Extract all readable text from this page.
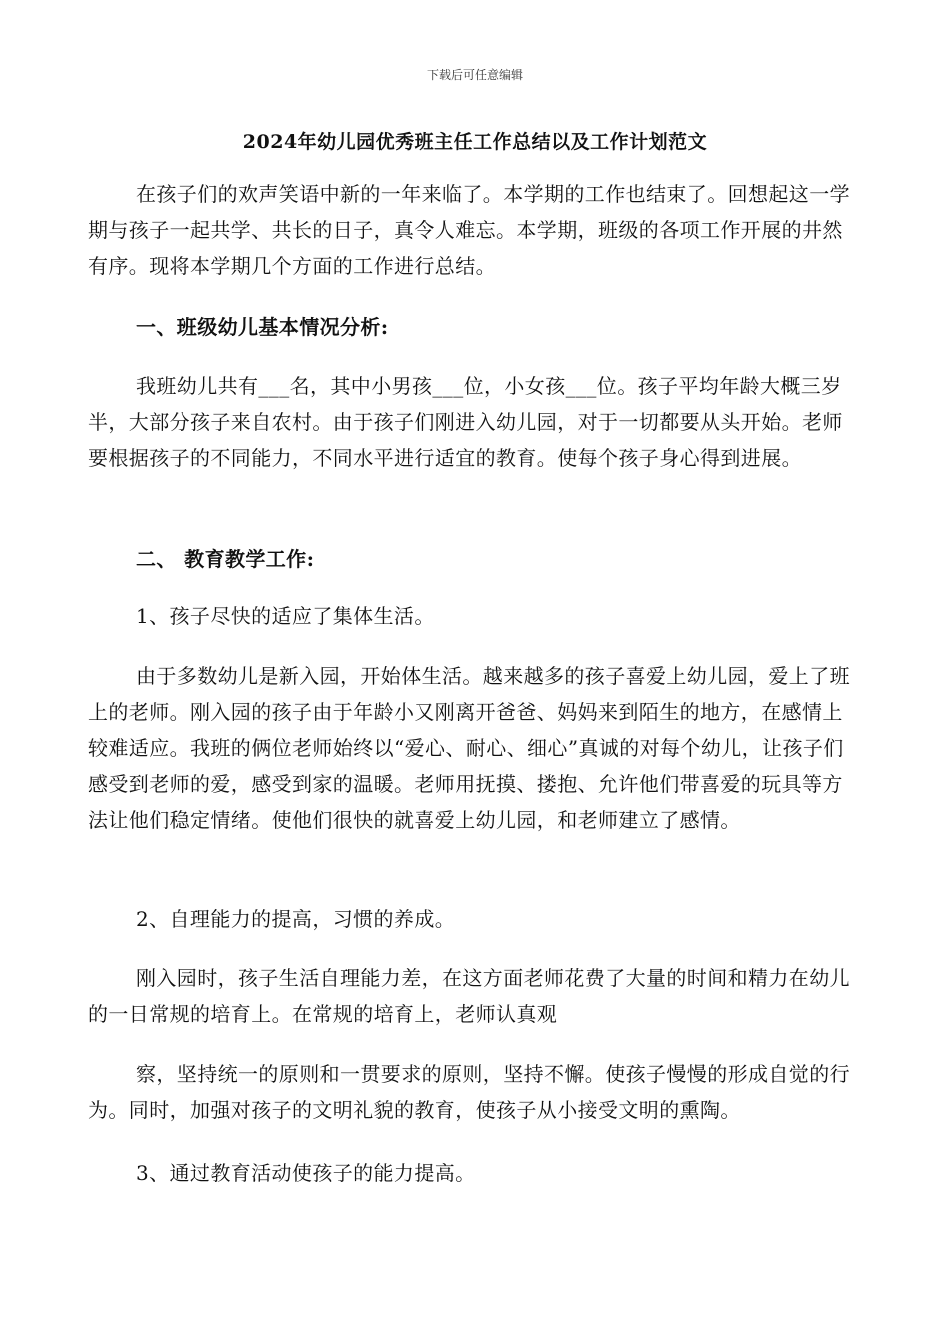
下载后可任意编辑
2024年幼儿园优秀班主任工作总结以及工作计划范文

在孩子们的欢声笑语中新的一年来临了。本学期的工作也结束了。回想起这一学期与孩子一起共学、共长的日子，真令人难忘。本学期，班级的各项工作开展的井然有序。现将本学期几个方面的工作进行总结。

一、班级幼儿基本情况分析:

我班幼儿共有___名，其中小男孩___位，小女孩___位。孩子平均年龄大概三岁半，大部分孩子来自农村。由于孩子们刚进入幼儿园，对于一切都要从头开始。老师要根据孩子的不同能力，不同水平进行适宜的教育。使每个孩子身心得到进展。

二、 教育教学工作:

1、孩子尽快的适应了集体生活。

由于多数幼儿是新入园，开始体生活。越来越多的孩子喜爱上幼儿园，爱上了班上的老师。刚入园的孩子由于年龄小又刚离开爸爸、妈妈来到陌生的地方，在感情上较难适应。我班的俩位老师始终以“爱心、耐心、细心”真诚的对每个幼儿，让孩子们感受到老师的爱，感受到家的温暖。老师用抚摸、搂抱、允许他们带喜爱的玩具等方法让他们稳定情绪。使他们很快的就喜爱上幼儿园，和老师建立了感情。

2、自理能力的提高，习惯的养成。

刚入园时，孩子生活自理能力差，在这方面老师花费了大量的时间和精力在幼儿的一日常规的培育上。在常规的培育上，老师认真观

察，坚持统一的原则和一贯要求的原则，坚持不懈。使孩子慢慢的形成自觉的行为。同时，加强对孩子的文明礼貌的教育，使孩子从小接受文明的熏陶。

3、通过教育活动使孩子的能力提高。
